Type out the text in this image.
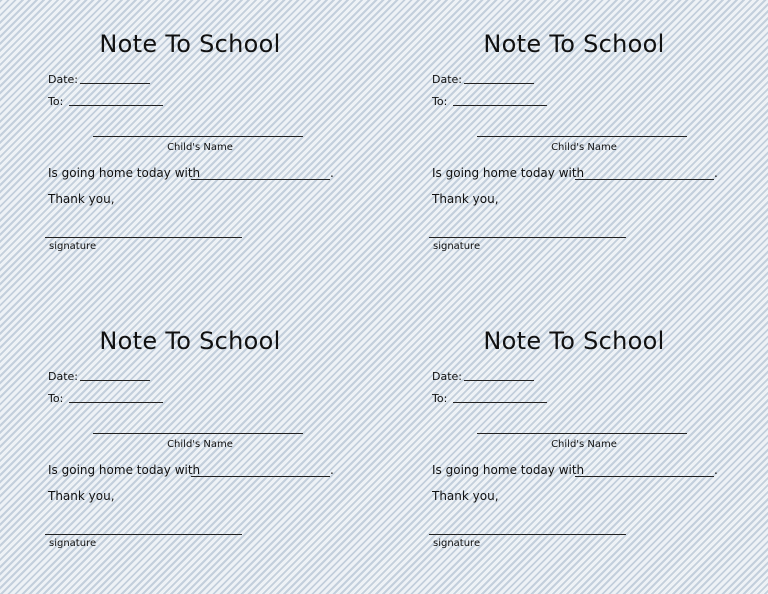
Note To School
Date:
To:
Child's Name
Is going home today with	.
Thank you,
signature
Note To School
Date:
To:
Child's Name
Is going home today with	.
Thank you,
signature
Note To School
Date:
To:
Child's Name
Is going home today with	.
Thank you,
signature
Note To School
Date:
To:
Child's Name
Is going home today with	.
Thank you,
signature
